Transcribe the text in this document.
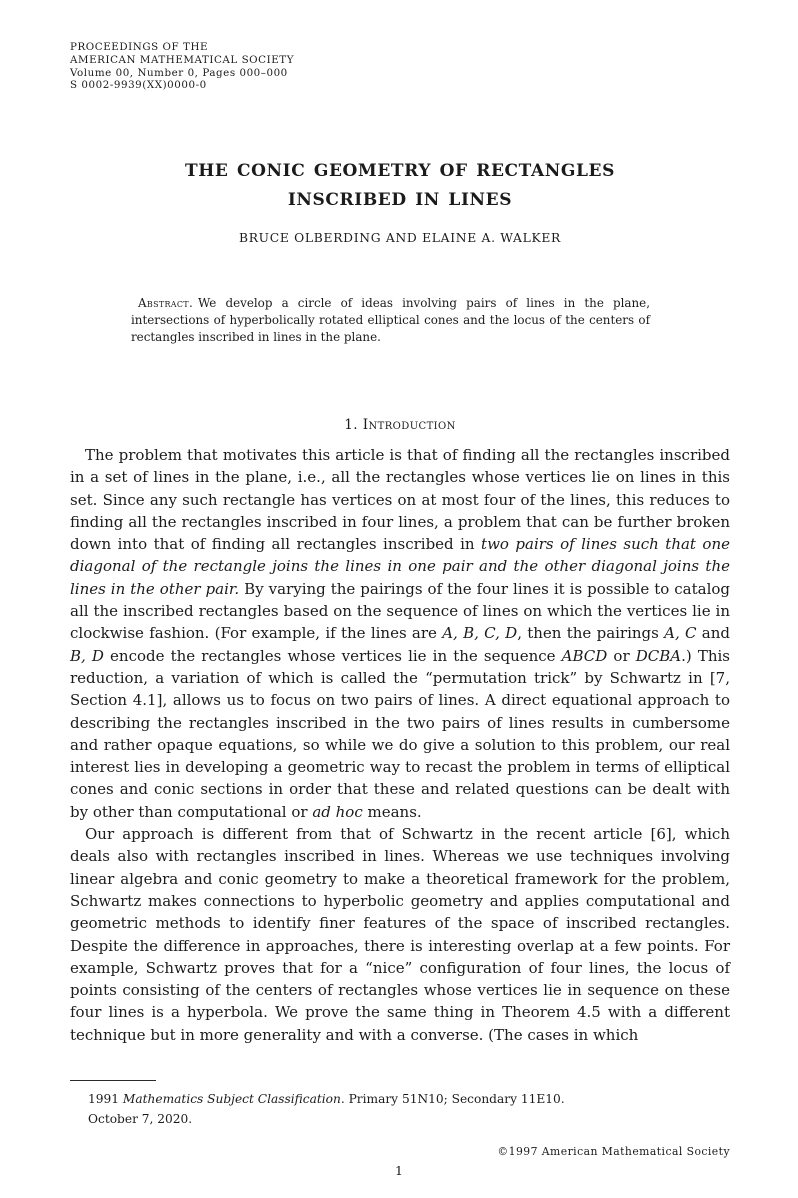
PROCEEDINGS OF THE
AMERICAN MATHEMATICAL SOCIETY
Volume 00, Number 0, Pages 000–000
S 0002-9939(XX)0000-0
THE CONIC GEOMETRY OF RECTANGLES
INSCRIBED IN LINES
BRUCE OLBERDING AND ELAINE A. WALKER

Abstract. We develop a circle of ideas involving pairs of lines in the plane, intersections of hyperbolically rotated elliptical cones and the locus of the centers of rectangles inscribed in lines in the plane.

1. Introduction

The problem that motivates this article is that of finding all the rectangles inscribed in a set of lines in the plane, i.e., all the rectangles whose vertices lie on lines in this set. Since any such rectangle has vertices on at most four of the lines, this reduces to finding all the rectangles inscribed in four lines, a problem that can be further broken down into that of finding all rectangles inscribed in two pairs of lines such that one diagonal of the rectangle joins the lines in one pair and the other diagonal joins the lines in the other pair. By varying the pairings of the four lines it is possible to catalog all the inscribed rectangles based on the sequence of lines on which the vertices lie in clockwise fashion. (For example, if the lines are A, B, C, D, then the pairings A, C and B, D encode the rectangles whose vertices lie in the sequence ABCD or DCBA.) This reduction, a variation of which is called the “permutation trick” by Schwartz in [7, Section 4.1], allows us to focus on two pairs of lines. A direct equational approach to describing the rectangles inscribed in the two pairs of lines results in cumbersome and rather opaque equations, so while we do give a solution to this problem, our real interest lies in developing a geometric way to recast the problem in terms of elliptical cones and conic sections in order that these and related questions can be dealt with by other than computational or ad hoc means.

Our approach is different from that of Schwartz in the recent article [6], which deals also with rectangles inscribed in lines. Whereas we use techniques involving linear algebra and conic geometry to make a theoretical framework for the problem, Schwartz makes connections to hyperbolic geometry and applies computational and geometric methods to identify finer features of the space of inscribed rectangles. Despite the difference in approaches, there is interesting overlap at a few points. For example, Schwartz proves that for a “nice” configuration of four lines, the locus of points consisting of the centers of rectangles whose vertices lie in sequence on these four lines is a hyperbola. We prove the same thing in Theorem 4.5 with a different technique but in more generality and with a converse. (The cases in which

1991 Mathematics Subject Classification. Primary 51N10; Secondary 11E10.

October 7, 2020.

©1997 American Mathematical Society
1
